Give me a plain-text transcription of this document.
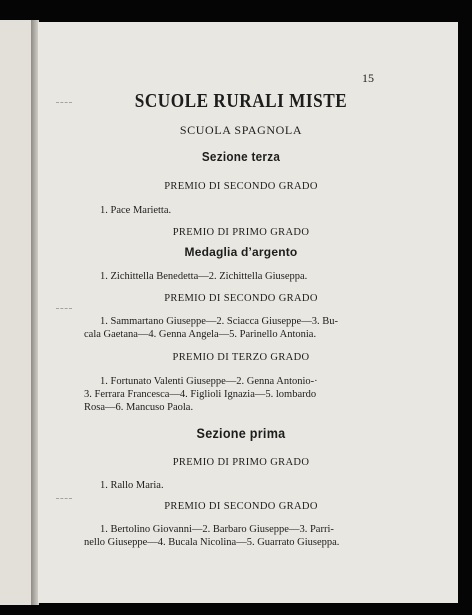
15

SCUOLE RURALI MISTE

SCUOLA SPAGNOLA

Sezione terza

PREMIO DI SECONDO GRADO

1. Pace Marietta.

PREMIO DI PRIMO GRADO

Medaglia d’argento

1. Zichittella Benedetta—2. Zichittella Giuseppa.

PREMIO DI SECONDO GRADO

1. Sammartano Giuseppe—2. Sciacca Giuseppe—3. Bu-
cala Gaetana—4. Genna Angela—5. Parinello Antonia.

PREMIO DI TERZO GRADO

1. Fortunato Valenti Giuseppe—2. Genna Antonio-·
3. Ferrara Francesca—4. Figlioli Ignazia—5. lombardo
Rosa—6. Mancuso Paola.

Sezione prima

PREMIO DI PRIMO GRADO

1. Rallo Maria.

PREMIO DI SECONDO GRADO

1. Bertolino Giovanni—2. Barbaro Giuseppe—3. Parri-
nello Giuseppe—4. Bucala Nicolina—5. Guarrato Giuseppa.
